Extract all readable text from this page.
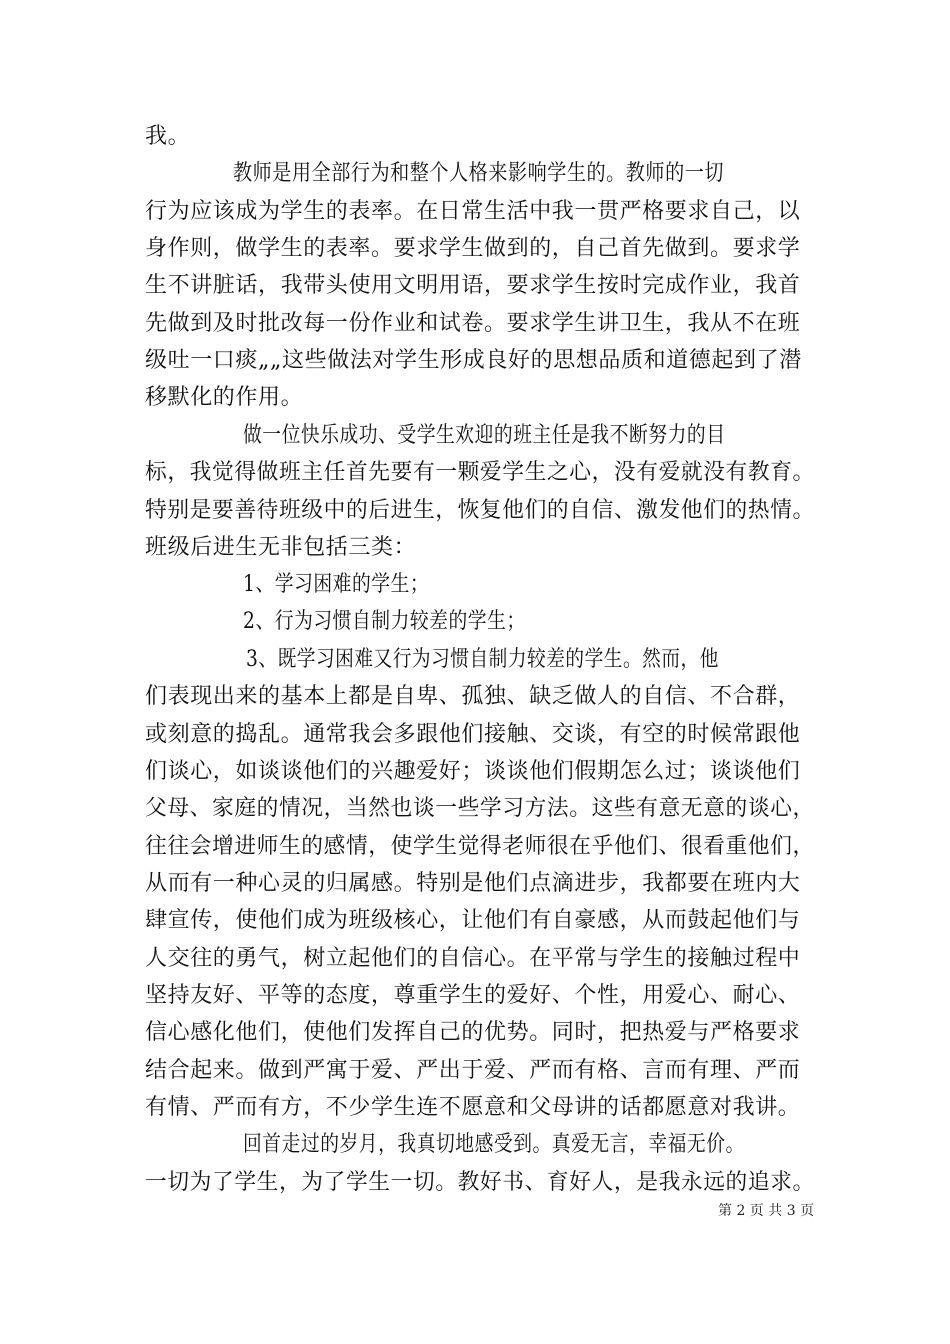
我。
教师是用全部行为和整个人格来影响学生的。教师的一切
行为应该成为学生的表率。在日常生活中我一贯严格要求自己，以
身作则，做学生的表率。要求学生做到的，自己首先做到。要求学
生不讲脏话，我带头使用文明用语，要求学生按时完成作业，我首
先做到及时批改每一份作业和试卷。要求学生讲卫生，我从不在班
级吐一口痰„„这些做法对学生形成良好的思想品质和道德起到了潜
移默化的作用。
做一位快乐成功、受学生欢迎的班主任是我不断努力的目
标，我觉得做班主任首先要有一颗爱学生之心，没有爱就没有教育。
特别是要善待班级中的后进生，恢复他们的自信、激发他们的热情。
班级后进生无非包括三类：
1、学习困难的学生；
2、行为习惯自制力较差的学生；
3、既学习困难又行为习惯自制力较差的学生。然而，他
们表现出来的基本上都是自卑、孤独、缺乏做人的自信、不合群，
或刻意的捣乱。通常我会多跟他们接触、交谈，有空的时候常跟他
们谈心，如谈谈他们的兴趣爱好；谈谈他们假期怎么过；谈谈他们
父母、家庭的情况，当然也谈一些学习方法。这些有意无意的谈心，
往往会增进师生的感情，使学生觉得老师很在乎他们、很看重他们，
从而有一种心灵的归属感。特别是他们点滴进步，我都要在班内大
肆宣传，使他们成为班级核心，让他们有自豪感，从而鼓起他们与
人交往的勇气，树立起他们的自信心。在平常与学生的接触过程中
坚持友好、平等的态度，尊重学生的爱好、个性，用爱心、耐心、
信心感化他们，使他们发挥自己的优势。同时，把热爱与严格要求
结合起来。做到严寓于爱、严出于爱、严而有格、言而有理、严而
有情、严而有方，不少学生连不愿意和父母讲的话都愿意对我讲。
回首走过的岁月，我真切地感受到。真爱无言，幸福无价。
一切为了学生，为了学生一切。教好书、育好人，是我永远的追求。
第 2 页 共 3 页
